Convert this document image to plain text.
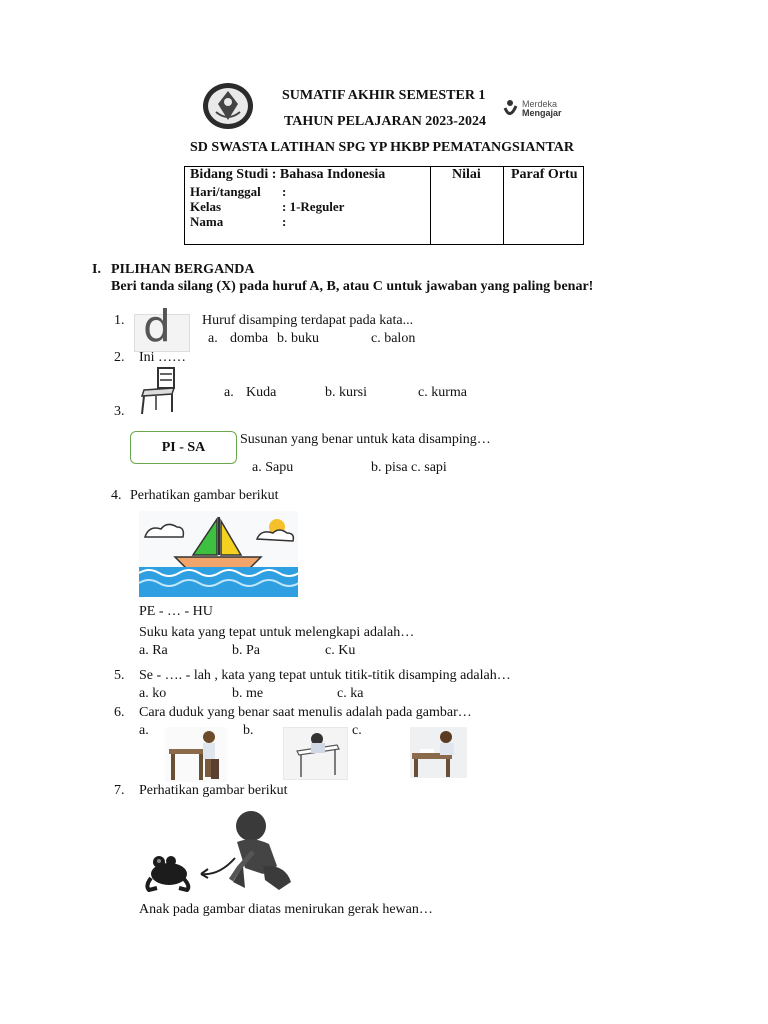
SUMATIF AKHIR SEMESTER 1
TAHUN PELAJARAN 2023-2024
Merdeka
Mengajar
SD SWASTA LATIHAN SPG YP HKBP PEMATANGSIANTAR
Bidang Studi : Bahasa Indonesia
Hari/tanggal :
Kelas	: 1-Reguler
Nama	:
Nilai Paraf Ortu
I. PILIHAN BERGANDA
Beri tanda silang (X) pada huruf A, B, atau C untuk jawaban yang paling benar!
1. d Huruf disamping terdapat pada kata...
a. domba b. buku	c. balon
2. Ini ……
a. Kuda	b. kursi	c. kurma
3.
PI - SA
Susunan yang benar untuk kata disamping…
a. Sapu	b. pisa c. sapi
4. Perhatikan gambar berikut
PE - … - HU
Suku kata yang tepat untuk melengkapi adalah…
a. Ra	b. Pa	c. Ku
5. Se - …. - lah , kata yang tepat untuk titik-titik disamping adalah…
a. ko	b. me	c. ka
6. Cara duduk yang benar saat menulis adalah pada gambar…
a.	b.	c.
7. Perhatikan gambar berikut
Anak pada gambar diatas menirukan gerak hewan…
